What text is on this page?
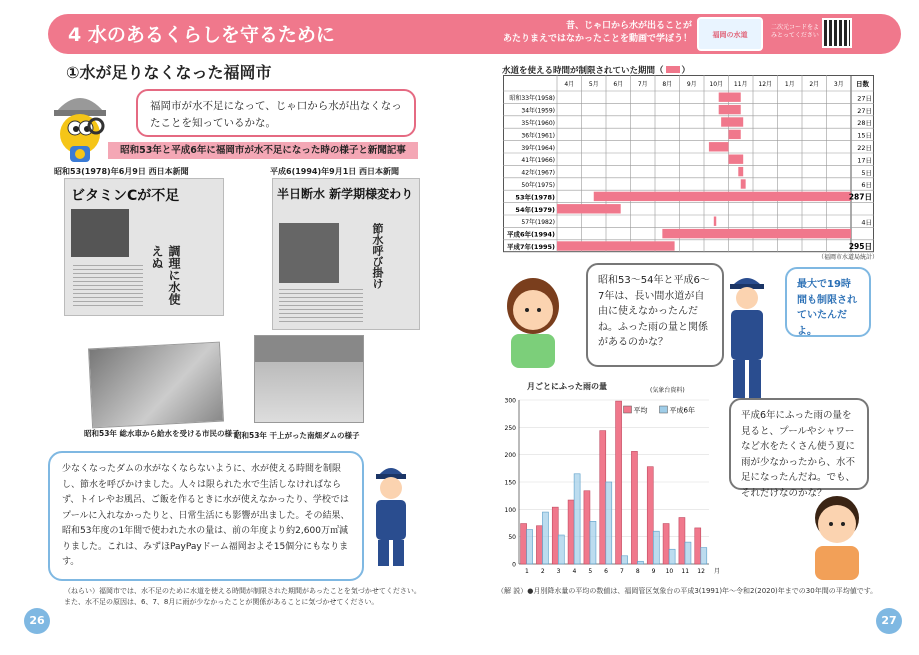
4 水のあるくらしを守るために	昔、じゃ口から水が出ることが
あたりまえではなかったことを動画で学ぼう！	福岡の水道
二次元コードをよみとってください
①水が足りなくなった福岡市
福岡市が水不足になって、じゃ口から水が出なくなったことを知っているかな。
昭和53年と平成6年に福岡市が水不足になった時の様子と新聞記事
昭和53(1978)年6月9日 西日本新聞
ビタミンCが不足
調理に水使えぬ
平成6(1994)年9月1日 西日本新聞
半日断水 新学期様変わり
節水呼び掛け
昭和53年 総水車から給水を受ける市民の様子
昭和53年 干上がった南畑ダムの様子
少なくなったダムの水がなくならないように、水が使える時間を制限し、節水を呼びかけました。人々は限られた水で生活しなければならず、トイレやお風呂、ご飯を作るときに水が使えなかったり、学校ではプールに入れなかったりと、日常生活にも影響が出ました。その結果、昭和53年度の1年間で使われた水の量は、前の年度より約2,600万㎥減りました。これは、みずほPayPayドーム福岡およそ15個分にもなります。
（ねらい）福岡市では、水不足のために水道を使える時間が制限された期間があったことを気づかせてください。
また、水不足の原因は、6、7、8月に雨が少なかったことが関係があることに気づかせてください。
（解 説）●月別降水量の平均の数値は、福岡管区気象台の平成3(1991)年～令和2(2020)年までの30年間の平均値です。
26	27
水道を使える時間が制限されていた期間（ ）
4月 5月 6月 7月 8月 9月 10月 11月 12月 1月 2月 3月 日数
昭和33年(1958)	27日
34年(1959)	27日
35年(1960)	28日
36年(1961)	15日
39年(1964)	22日
41年(1966)	17日
42年(1967)	5日
50年(1975)	6日
53年(1978)	287日
54年(1979)
57年(1982)	4日
平成6年(1994)
平成7年(1995)	295日
（福岡市水道局統計）
昭和53～54年と平成6～7年は、長い間水道が自由に使えなかったんだね。ふった雨の量と関係があるのかな？
最大で19時間も制限されていたんだよ。
平成6年にふった雨の量を見ると、プールやシャワーなど水をたくさん使う夏に雨が少なかったから、水不足になったんだね。でも、それだけなのかな？
月ごとにふった雨の量	(気象台資料)
0
50
100
150
200
250
300
1 2 3 4 5 6 7 8 9 10 11 12 月
平均	平成6年
